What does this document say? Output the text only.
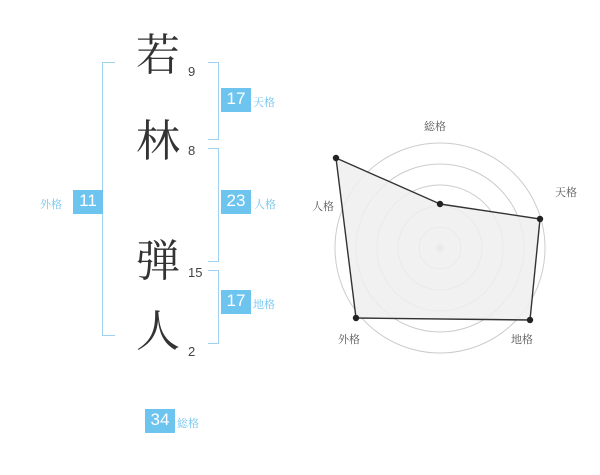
若
林
弾
人
9
8
15
2
17 天格
23 人格
17 地格
外格	11
34 総格
総格
天格
地格
外格
人格
